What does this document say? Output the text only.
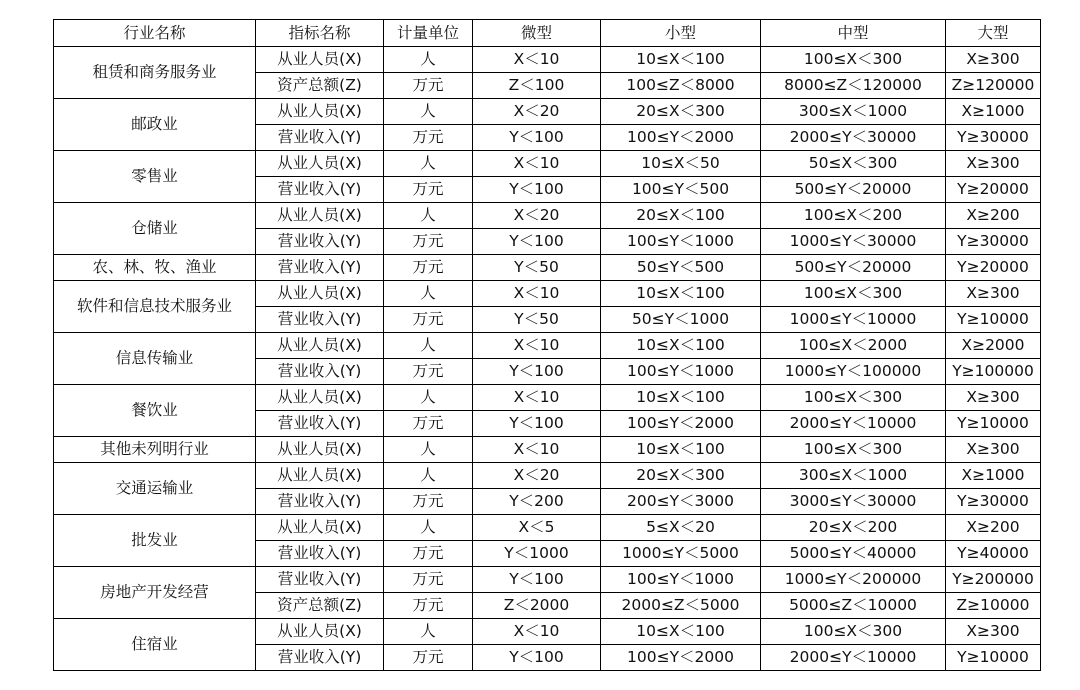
行业名称	指标名称	计量单位	微型	小型	中型	大型
租赁和商务服务业	从业人员(X)	人	X＜10	10≤X＜100	100≤X＜300	X≥300
	资产总额(Z)	万元	Z＜100	100≤Z＜8000	8000≤Z＜120000	Z≥120000
邮政业	从业人员(X)	人	X＜20	20≤X＜300	300≤X＜1000	X≥1000
	营业收入(Y)	万元	Y＜100	100≤Y＜2000	2000≤Y＜30000	Y≥30000
零售业	从业人员(X)	人	X＜10	10≤X＜50	50≤X＜300	X≥300
	营业收入(Y)	万元	Y＜100	100≤Y＜500	500≤Y＜20000	Y≥20000
仓储业	从业人员(X)	人	X＜20	20≤X＜100	100≤X＜200	X≥200
	营业收入(Y)	万元	Y＜100	100≤Y＜1000	1000≤Y＜30000	Y≥30000
农、林、牧、渔业	营业收入(Y)	万元	Y＜50	50≤Y＜500	500≤Y＜20000	Y≥20000
软件和信息技术服务业	从业人员(X)	人	X＜10	10≤X＜100	100≤X＜300	X≥300
	营业收入(Y)	万元	Y＜50	50≤Y＜1000	1000≤Y＜10000	Y≥10000
信息传输业	从业人员(X)	人	X＜10	10≤X＜100	100≤X＜2000	X≥2000
	营业收入(Y)	万元	Y＜100	100≤Y＜1000	1000≤Y＜100000	Y≥100000
餐饮业	从业人员(X)	人	X＜10	10≤X＜100	100≤X＜300	X≥300
	营业收入(Y)	万元	Y＜100	100≤Y＜2000	2000≤Y＜10000	Y≥10000
其他未列明行业	从业人员(X)	人	X＜10	10≤X＜100	100≤X＜300	X≥300
交通运输业	从业人员(X)	人	X＜20	20≤X＜300	300≤X＜1000	X≥1000
	营业收入(Y)	万元	Y＜200	200≤Y＜3000	3000≤Y＜30000	Y≥30000
批发业	从业人员(X)	人	X＜5	5≤X＜20	20≤X＜200	X≥200
	营业收入(Y)	万元	Y＜1000	1000≤Y＜5000	5000≤Y＜40000	Y≥40000
房地产开发经营	营业收入(Y)	万元	Y＜100	100≤Y＜1000	1000≤Y＜200000	Y≥200000
	资产总额(Z)	万元	Z＜2000	2000≤Z＜5000	5000≤Z＜10000	Z≥10000
住宿业	从业人员(X)	人	X＜10	10≤X＜100	100≤X＜300	X≥300
	营业收入(Y)	万元	Y＜100	100≤Y＜2000	2000≤Y＜10000	Y≥10000
